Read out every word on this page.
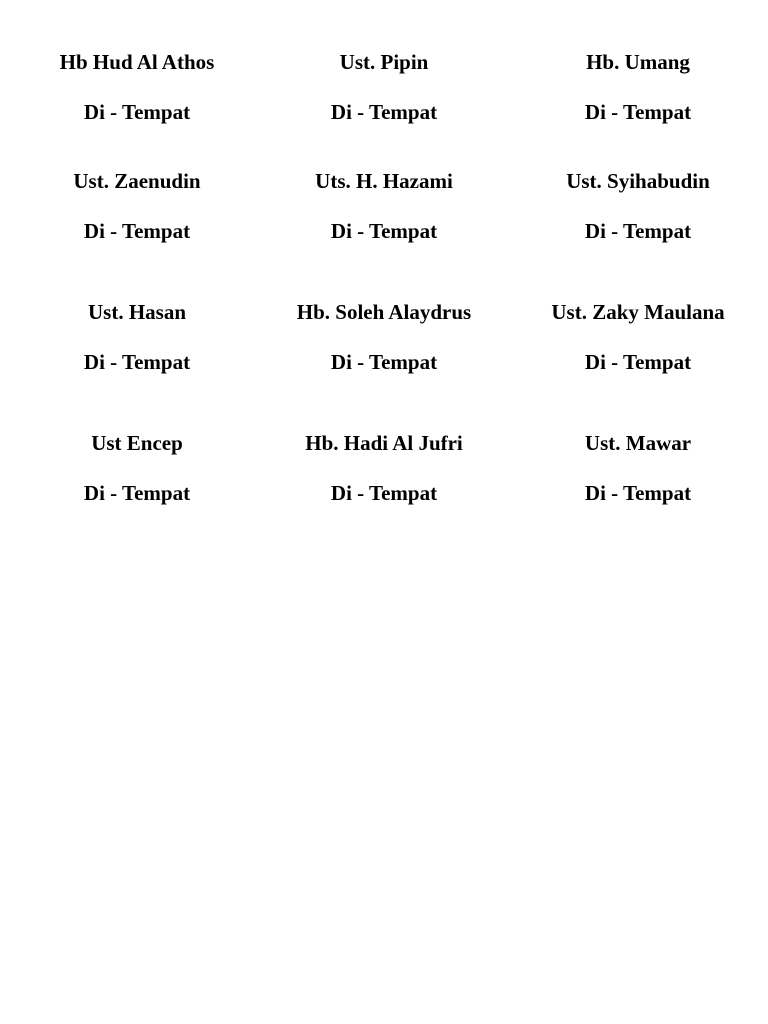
Hb Hud Al Athos
Di - Tempat
Ust. Pipin
Di - Tempat
Hb. Umang
Di - Tempat
Ust. Zaenudin
Di - Tempat
Uts. H. Hazami
Di - Tempat
Ust. Syihabudin
Di - Tempat
Ust. Hasan
Di - Tempat
Hb. Soleh Alaydrus
Di - Tempat
Ust. Zaky Maulana
Di - Tempat
Ust Encep
Di - Tempat
Hb. Hadi Al Jufri
Di - Tempat
Ust. Mawar
Di - Tempat
